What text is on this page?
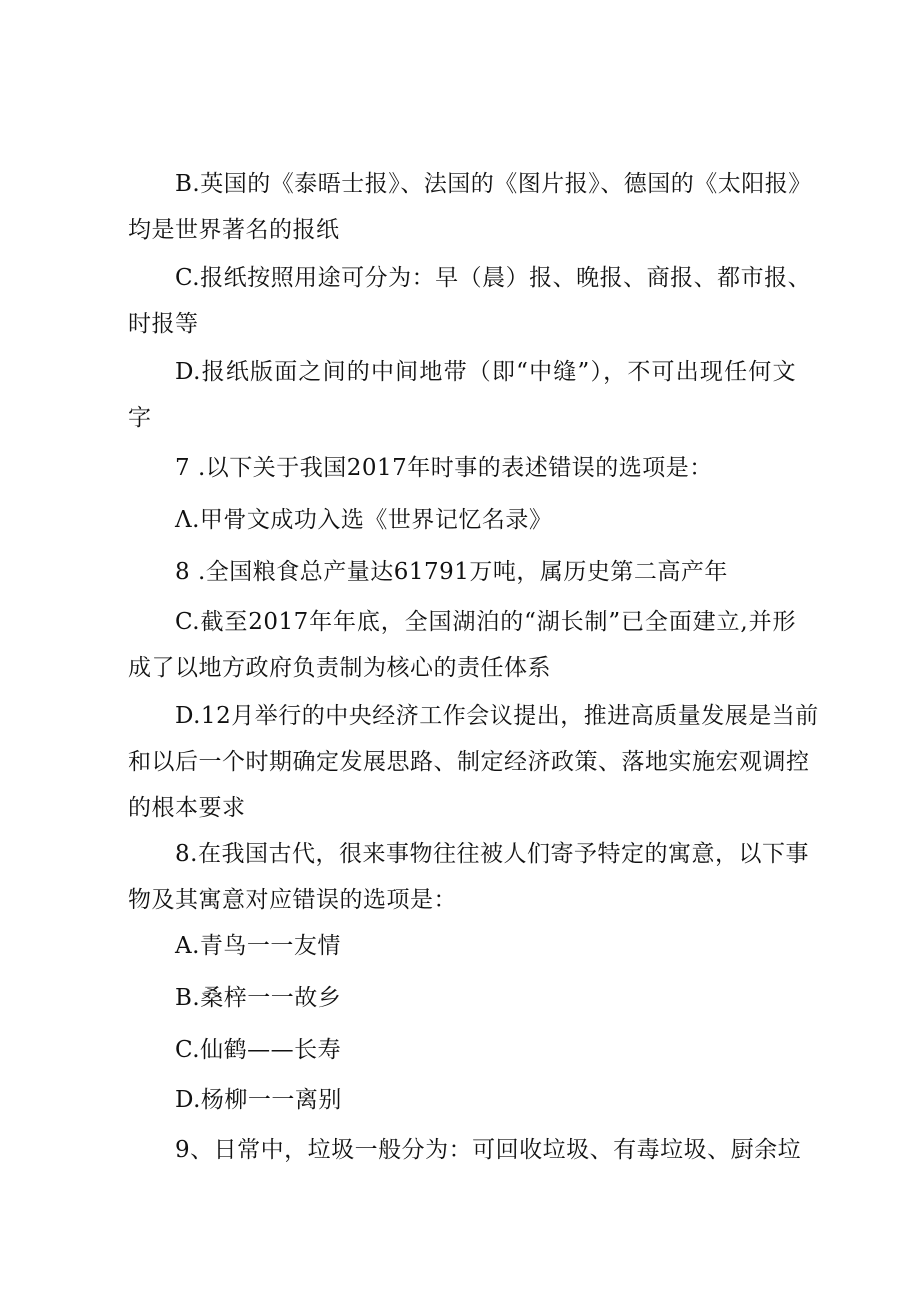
B.英国的《泰晤士报》、法国的《图片报》、德国的《太阳报》
均是世界著名的报纸
C.报纸按照用途可分为：早（晨）报、晚报、商报、都市报、
时报等
D.报纸版面之间的中间地带（即“中缝”），不可出现任何文
字
7 .以下关于我国2017年时事的表述错误的选项是：
Λ.甲骨文成功入选《世界记忆名录》
8 .全国粮食总产量达61791万吨，属历史第二高产年
C.截至2017年年底，全国湖泊的“湖长制”已全面建立,并形
成了以地方政府负责制为核心的责任体系
D.12月举行的中央经济工作会议提出，推进高质量发展是当前
和以后一个时期确定发展思路、制定经济政策、落地实施宏观调控
的根本要求
8.在我国古代，很来事物往往被人们寄予特定的寓意，以下事
物及其寓意对应错误的选项是：
A.青鸟一一友情
B.桑梓一一故乡
C.仙鹤——长寿
D.杨柳一一离别
9、日常中，垃圾一般分为：可回收垃圾、有毒垃圾、厨余垃
